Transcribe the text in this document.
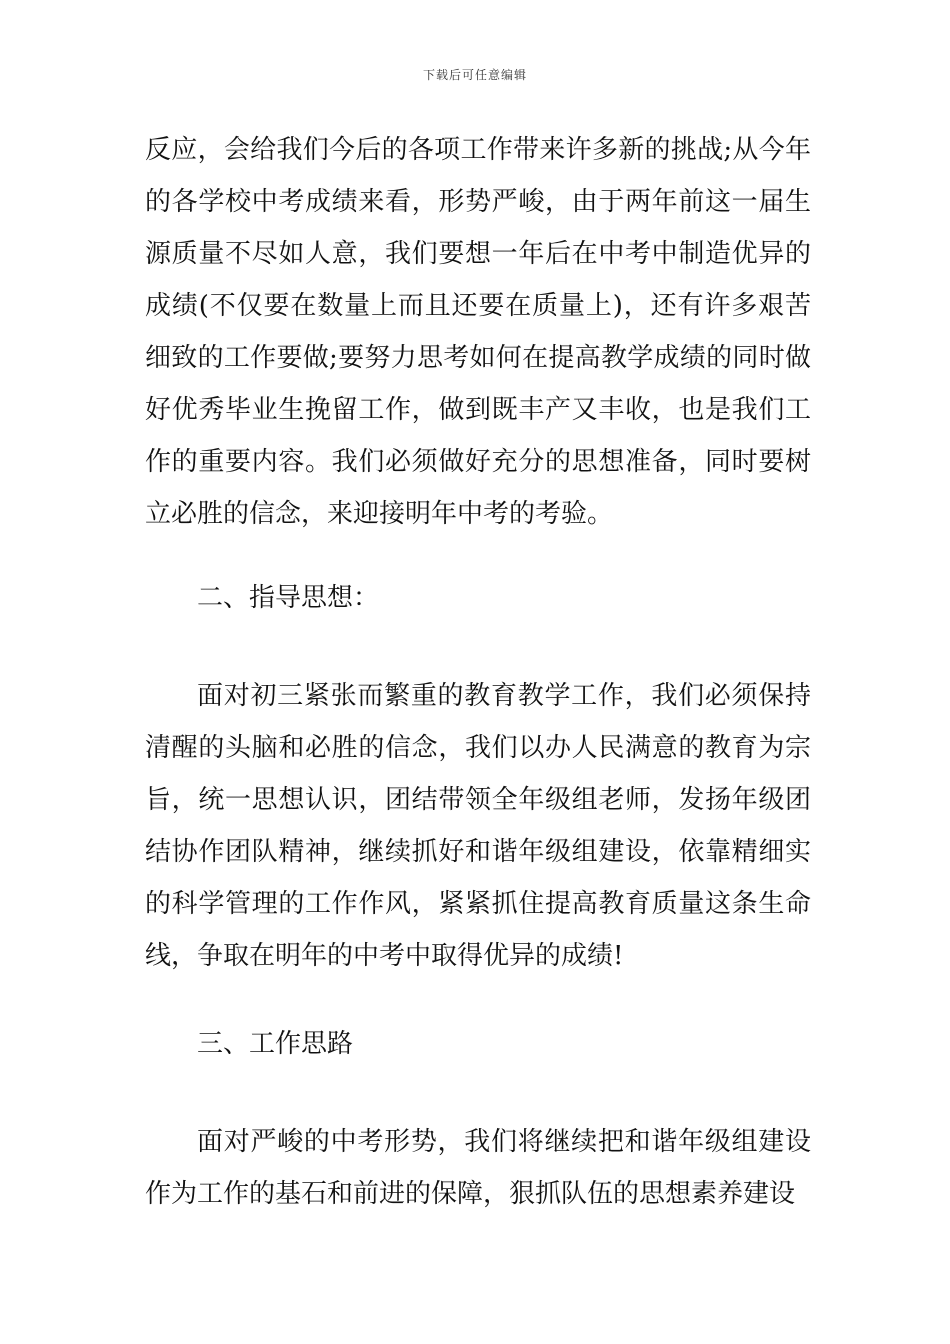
下载后可任意编辑

反应，会给我们今后的各项工作带来许多新的挑战;从今年的各学校中考成绩来看，形势严峻，由于两年前这一届生源质量不尽如人意，我们要想一年后在中考中制造优异的成绩(不仅要在数量上而且还要在质量上)，还有许多艰苦细致的工作要做;要努力思考如何在提高教学成绩的同时做好优秀毕业生挽留工作，做到既丰产又丰收，也是我们工作的重要内容。我们必须做好充分的思想准备，同时要树立必胜的信念，来迎接明年中考的考验。

二、指导思想：

面对初三紧张而繁重的教育教学工作，我们必须保持清醒的头脑和必胜的信念，我们以办人民满意的教育为宗旨，统一思想认识，团结带领全年级组老师，发扬年级团结协作团队精神，继续抓好和谐年级组建设，依靠精细实的科学管理的工作作风，紧紧抓住提高教育质量这条生命线，争取在明年的中考中取得优异的成绩!

三、工作思路

面对严峻的中考形势，我们将继续把和谐年级组建设作为工作的基石和前进的保障，狠抓队伍的思想素养建设
